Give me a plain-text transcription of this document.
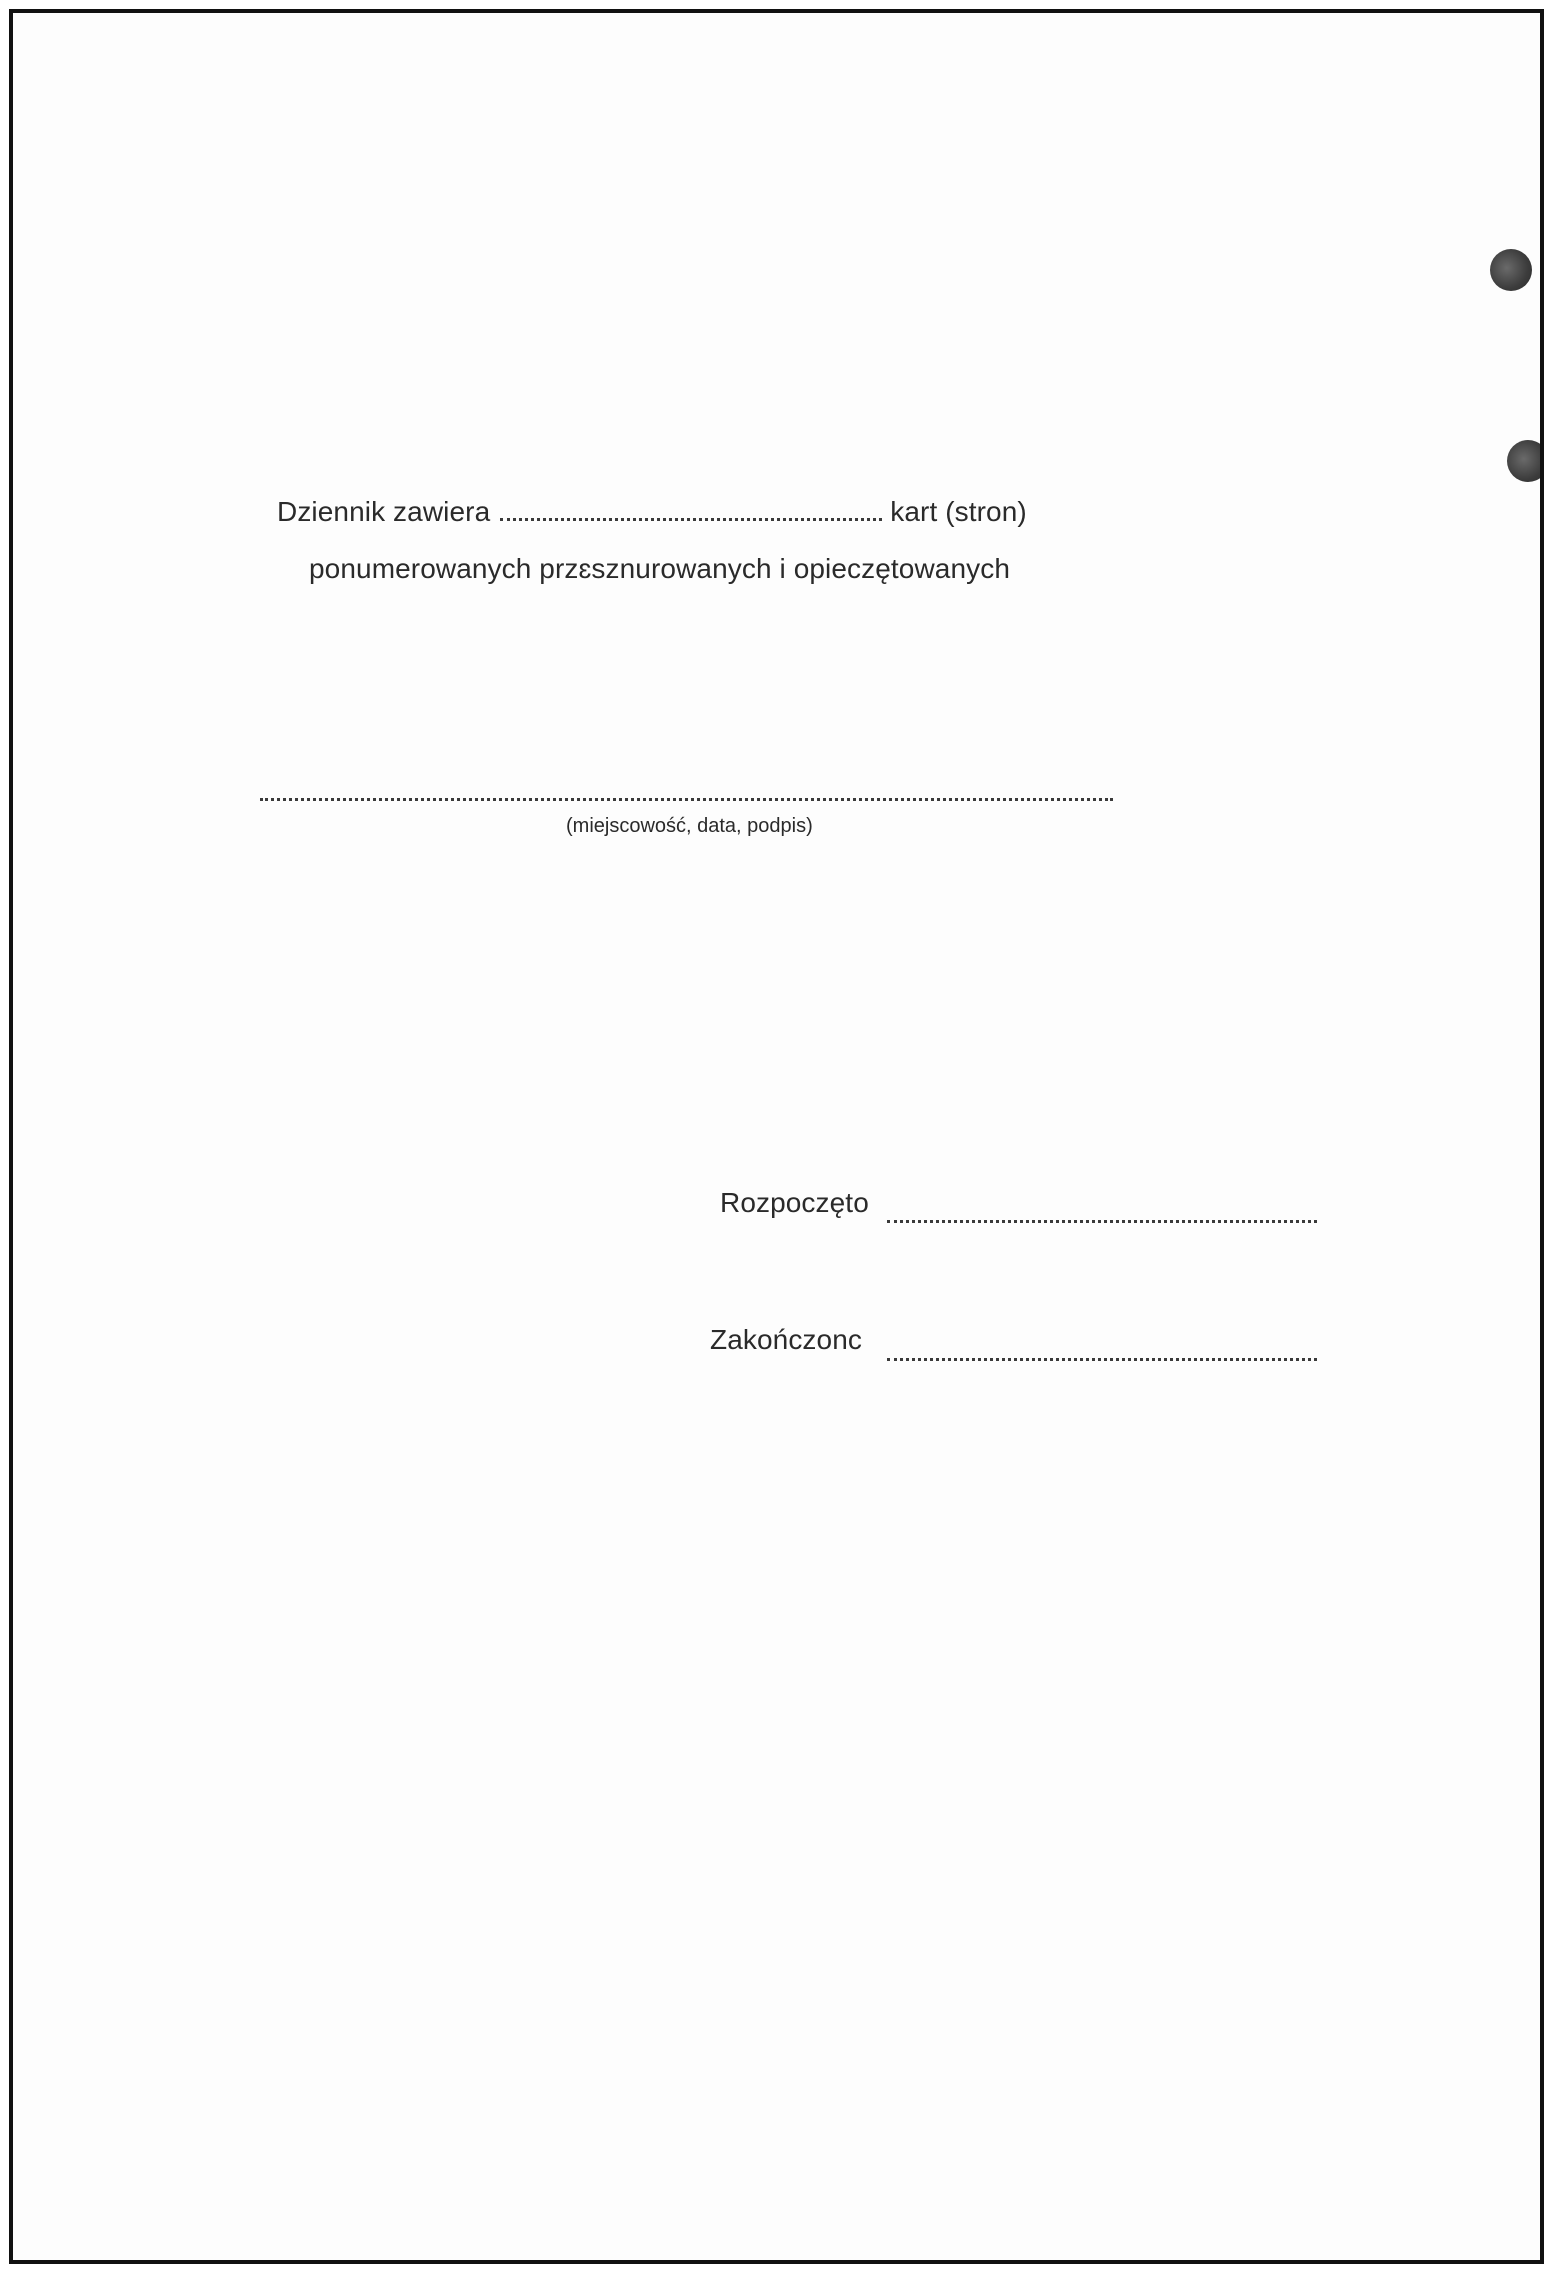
Dziennik zawiera	kart (stron)
ponumerowanych przɛsznurowanych i opieczętowanych
(miejscowość, data, podpis)
Rozpoczęto
Zakończonc
